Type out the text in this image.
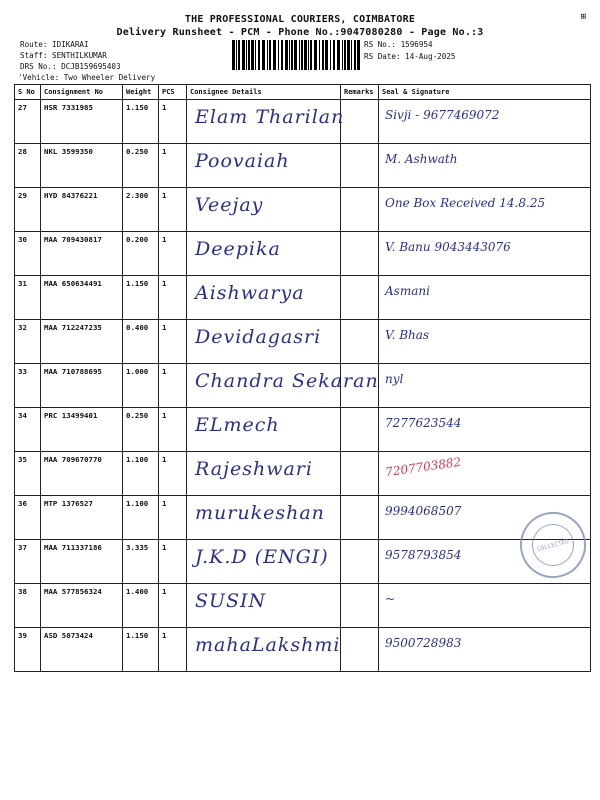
THE PROFESSIONAL COURIERS, COIMBATORE
Delivery Runsheet - PCM - Phone No.:9047080280 - Page No.:3
⊞
Route: IDIKARAI
Staff: SENTHILKUMAR
DRS No.: DCJB159695403
'Vehicle: Two Wheeler Delivery
RS No.: 1596954
RS Date: 14-Aug-2025
S No	Consignment No	Weight	PCS	Consignee Details	Remarks	Seal & Signature
27	HSR 7331985	1.150	1	Elam Tharilan		Sivji - 9677469072

28	NKL 3599350	0.250	1	Poovaiah		M. Ashwath

29	HYD 84376221	2.300	1	Veejay		One Box Received 14.8.25

30	MAA 709430817	0.200	1	Deepika		V. Banu 9043443076

31	MAA 650634491	1.150	1	Aishwarya		Asmani

32	MAA 712247235	0.400	1	Devidagasri		V. Bhas

33	MAA 710788695	1.000	1	Chandra Sekaran		nyl

34	PRC 13499401	0.250	1	ELmech		7277623544

35	MAA 709670770	1.100	1	Rajeshwari		7207703882

36	MTP 1376527	1.100	1	murukeshan		9994068507

37	MAA 711337186	3.335	1	J.K.D (ENGI)		9578793854

38	MAA 577856324	1.400	1	SUSIN		~

39	ASD 5073424	1.150	1	mahaLakshmi		9500728983
COLLECTED
